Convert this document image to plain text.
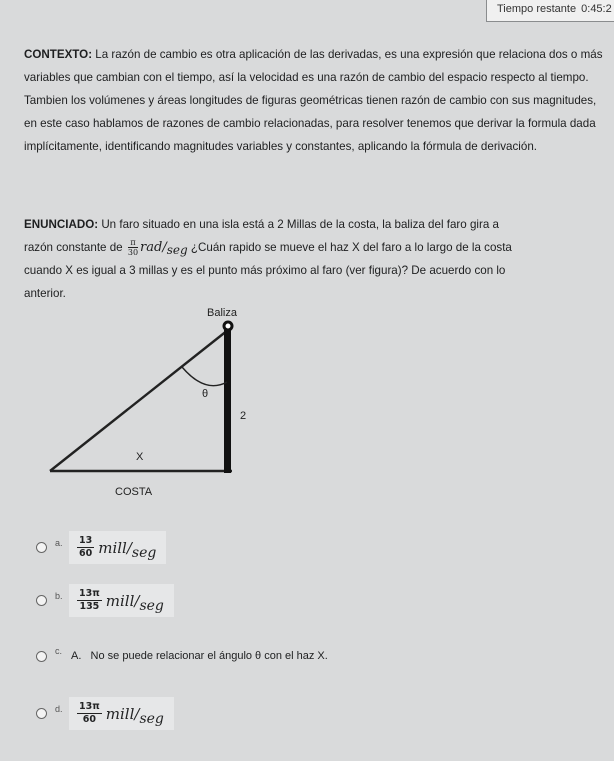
Tiempo restante 0:45:2
CONTEXTO: La razón de cambio es otra aplicación de las derivadas, es una expresión que relaciona dos o más variables que cambian con el tiempo, así la velocidad es una razón de cambio del espacio respecto al tiempo. Tambien los volúmenes y áreas longitudes de figuras geométricas tienen razón de cambio con sus magnitudes, en este caso hablamos de razones de cambio relacionadas, para resolver tenemos que derivar la formula dada implícitamente, identificando magnitudes variables y constantes, aplicando la fórmula de derivación.
ENUNCIADO: Un faro situado en una isla está a 2 Millas de la costa, la baliza del faro gira a
razón constante de $\frac{\pi}{30} rad/seg$ ¿Cuán rapido se mueve el haz X del faro a lo largo de la costa
cuando X es igual a 3 millas y es el punto más próximo al faro (ver figura)? De acuerdo con lo
anterior.
Baliza
θ
2
X
COSTA
a.	$\frac{13}{60}$ mill/seg
b.	$\frac{13\pi}{135}$ mill/seg
c. A.   No se puede relacionar el ángulo θ con el haz X.
d.	$\frac{13\pi}{60}$ mill/seg
